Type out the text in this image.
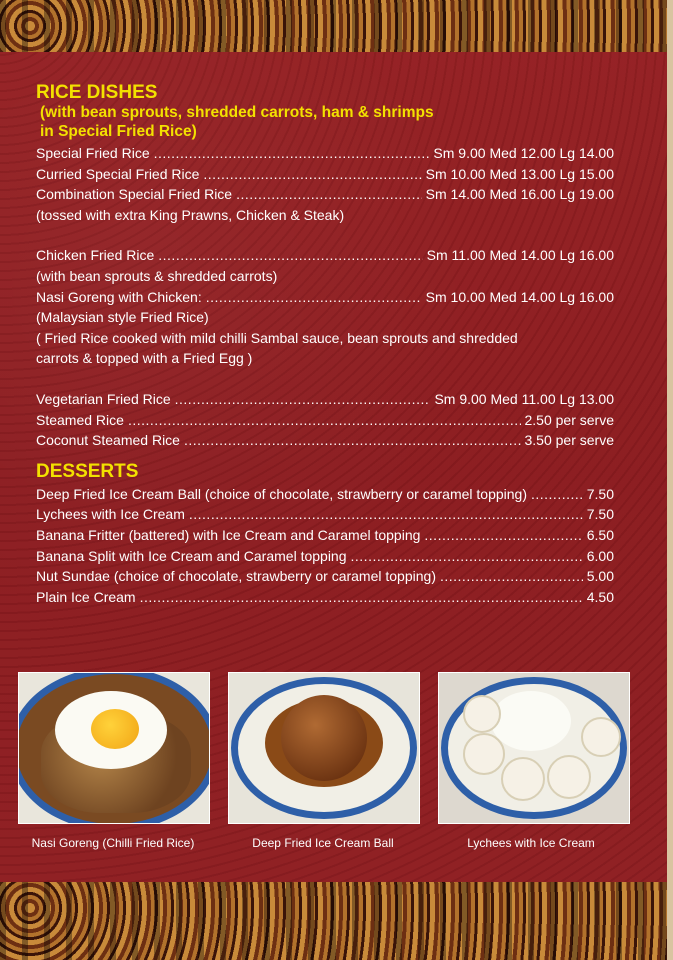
RICE DISHES

(with bean sprouts, shredded carrots, ham & shrimps

in Special Fried Rice)

Special Fried Rice .....	Sm 9.00 Med 12.00 Lg 14.00
Curried Special Fried Rice .....	Sm 10.00 Med 13.00 Lg 15.00
Combination Special Fried Rice .....	Sm 14.00 Med 16.00 Lg 19.00

(tossed with extra King Prawns, Chicken & Steak)

Chicken Fried Rice .....	Sm 11.00 Med 14.00 Lg 16.00

(with bean sprouts & shredded carrots)

Nasi Goreng with Chicken: .....	Sm 10.00 Med 14.00 Lg 16.00

(Malaysian style Fried Rice)

( Fried Rice cooked with mild chilli Sambal sauce, bean sprouts and shredded

carrots & topped with a Fried Egg )

Vegetarian Fried Rice .....	Sm 9.00 Med 11.00 Lg 13.00
Steamed Rice .....	2.50 per serve
Coconut Steamed Rice .....	3.50 per serve
DESSERTS
Deep Fried Ice Cream Ball (choice of chocolate, strawberry or caramel topping) .....	7.50
Lychees with Ice Cream .....	7.50
Banana Fritter (battered) with Ice Cream and Caramel topping .....	6.50
Banana Split with Ice Cream and Caramel topping .....	6.00
Nut Sundae (choice of chocolate, strawberry or caramel topping) .....	5.00
Plain Ice Cream .....	4.50
Nasi Goreng (Chilli Fried Rice)	Deep Fried Ice Cream Ball	Lychees with Ice Cream
